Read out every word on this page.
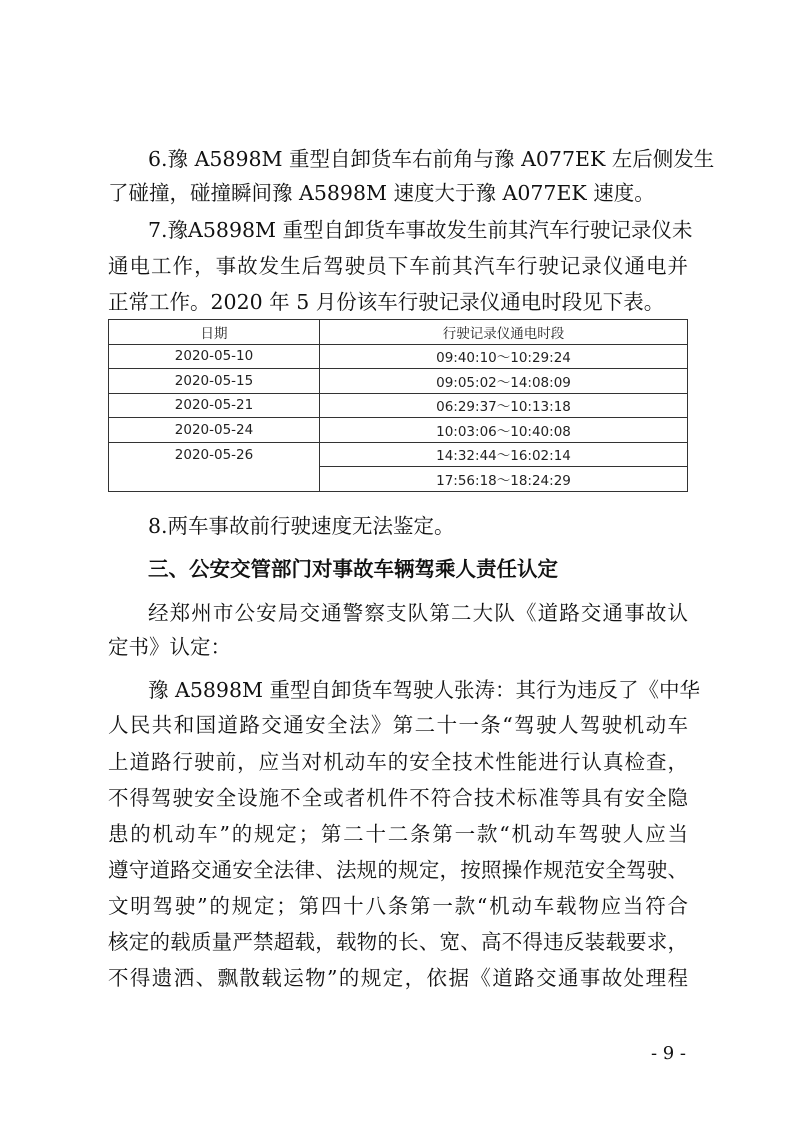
6.豫 A5898M 重型自卸货车右前角与豫 A077EK 左后侧发生
了碰撞，碰撞瞬间豫 A5898M 速度大于豫 A077EK 速度。
7.豫A5898M 重型自卸货车事故发生前其汽车行驶记录仪未
通电工作，事故发生后驾驶员下车前其汽车行驶记录仪通电并
正常工作。2020 年 5 月份该车行驶记录仪通电时段见下表。
日期	行驶记录仪通电时段
2020-05-10	09:40:10～10:29:24
2020-05-15	09:05:02～14:08:09
2020-05-21	06:29:37～10:13:18
2020-05-24	10:03:06～10:40:08
2020-05-26	14:32:44～16:02:14
	17:56:18～18:24:29
8.两车事故前行驶速度无法鉴定。
三、公安交管部门对事故车辆驾乘人责任认定
经郑州市公安局交通警察支队第二大队《道路交通事故认
定书》认定：
豫 A5898M 重型自卸货车驾驶人张涛：其行为违反了《中华
人民共和国道路交通安全法》第二十一条“驾驶人驾驶机动车
上道路行驶前，应当对机动车的安全技术性能进行认真检查，
不得驾驶安全设施不全或者机件不符合技术标准等具有安全隐
患的机动车”的规定；第二十二条第一款“机动车驾驶人应当
遵守道路交通安全法律、法规的规定，按照操作规范安全驾驶、
文明驾驶”的规定；第四十八条第一款“机动车载物应当符合
核定的载质量严禁超载，载物的长、宽、高不得违反装载要求，
不得遗洒、飘散载运物”的规定，依据《道路交通事故处理程
- 9 -
